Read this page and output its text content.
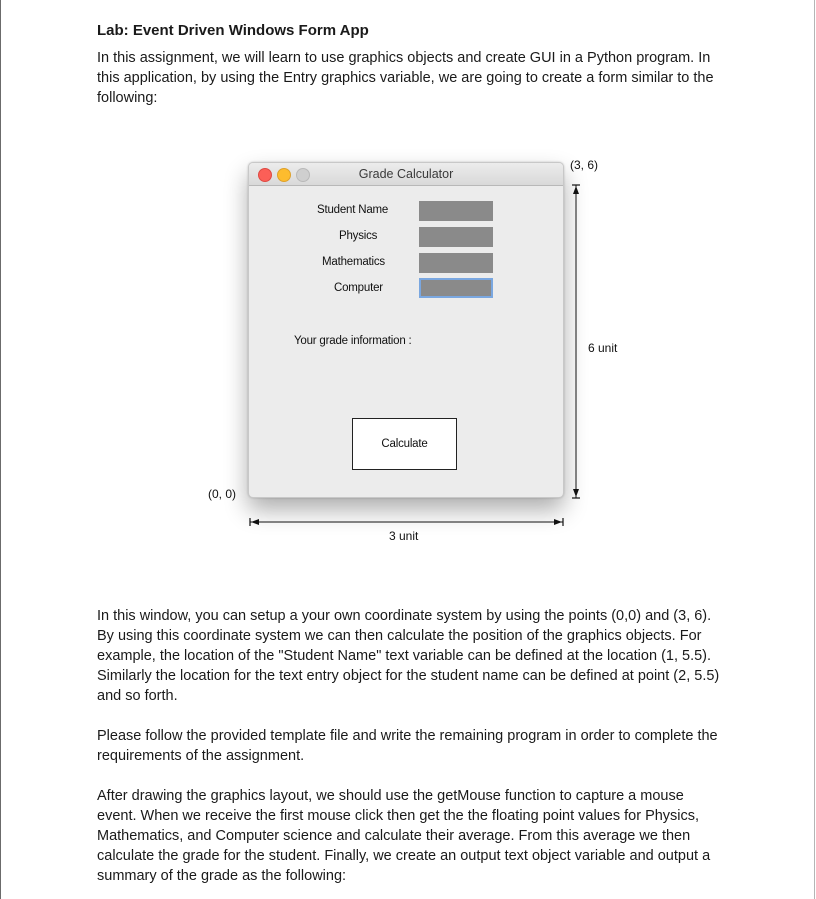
Lab: Event Driven Windows Form App

In this assignment, we will learn to use graphics objects and create GUI in a Python program. In this application, by using the Entry graphics variable, we are going to create a form similar to the following:

Grade Calculator
Student Name
Physics
Mathematics
Computer
Your grade information :
Calculate
(3, 6)
6 unit
(0, 0)
3 unit

In this window, you can setup a your own coordinate system by using the points (0,0) and (3, 6). By using this coordinate system we can then calculate the position of the graphics objects. For example, the location of the "Student Name" text variable can be defined at the location (1, 5.5). Similarly the location for the text entry object for the student name can be defined at point (2, 5.5) and so forth.

Please follow the provided template file and write the remaining program in order to complete the requirements of the assignment.

After drawing the graphics layout, we should use the getMouse function to capture a mouse event. When we receive the first mouse click then get the the floating point values for Physics, Mathematics, and Computer science and calculate their average. From this average we then calculate the grade for the student. Finally, we create an output text object variable and output a summary of the grade as the following:
